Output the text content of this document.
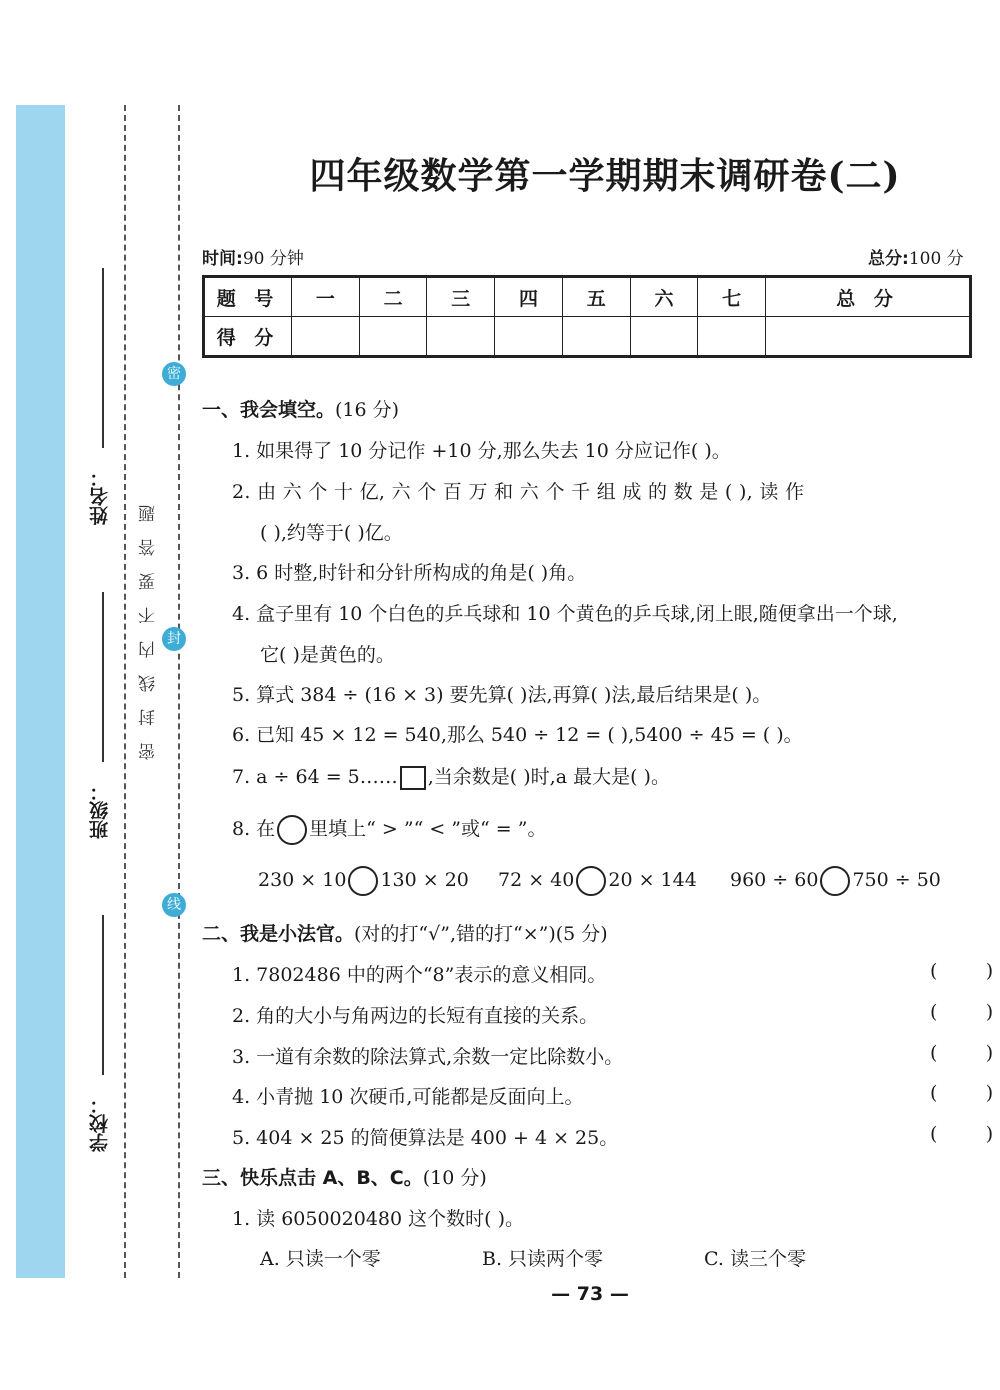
姓名：
班级：
学校：
密封线内不要答题
密
封
线
四年级数学第一学期期末调研卷(二)
时间:90 分钟	总分:100 分
题 号	一	二	三	四	五	六	七	总 分
得 分								
一、我会填空。(16 分)
1. 如果得了 10 分记作 +10 分,那么失去 10 分应记作( )。
2. 由 六 个 十 亿, 六 个 百 万 和 六 个 千 组 成 的 数 是 ( ), 读 作
( ),约等于( )亿。
3. 6 时整,时针和分针所构成的角是( )角。
4. 盒子里有 10 个白色的乒乓球和 10 个黄色的乒乓球,闭上眼,随便拿出一个球,
它( )是黄色的。
5. 算式 384 ÷ (16 × 3) 要先算( )法,再算( )法,最后结果是( )。
6. 已知 45 × 12 = 540,那么 540 ÷ 12 = ( ),5400 ÷ 45 = ( )。
7. a ÷ 64 = 5…… ,当余数是( )时,a 最大是( )。
8. 在 里填上“ > ”“ < ”或“ = ”。
230 × 10 130 × 20 72 × 40 20 × 144 960 ÷ 60 750 ÷ 50
二、我是小法官。(对的打“√”,错的打“×”)(5 分)
1. 7802486 中的两个“8”表示的意义相同。	(        )
2. 角的大小与角两边的长短有直接的关系。	(        )
3. 一道有余数的除法算式,余数一定比除数小。	(        )
4. 小青抛 10 次硬币,可能都是反面向上。	(        )
5. 404 × 25 的简便算法是 400 + 4 × 25。	(        )
三、快乐点击 A、B、C。(10 分)
1. 读 6050020480 这个数时( )。
A. 只读一个零	B. 只读两个零	C. 读三个零
— 73 —
